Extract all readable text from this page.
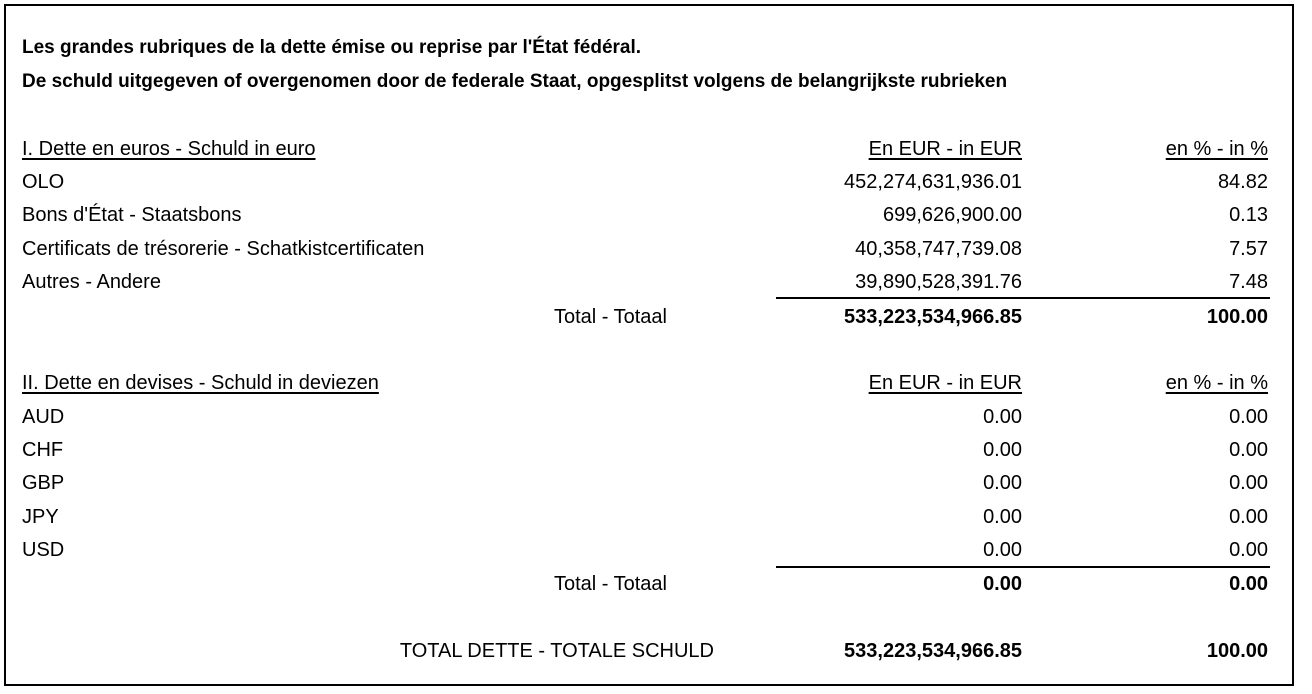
Les grandes rubriques de la dette émise ou reprise par l'État fédéral.
De schuld uitgegeven of overgenomen door de federale Staat, opgesplitst volgens de belangrijkste rubrieken
I. Dette en euros - Schuld in euro	En EUR - in EUR	en % - in %
OLO	452,274,631,936.01	84.82
Bons d'État - Staatsbons	699,626,900.00	0.13
Certificats de trésorerie - Schatkistcertificaten	40,358,747,739.08	7.57
Autres - Andere	39,890,528,391.76	7.48
Total - Totaal	533,223,534,966.85	100.00
II. Dette en devises - Schuld in deviezen	En EUR - in EUR	en % - in %
AUD	0.00	0.00
CHF	0.00	0.00
GBP	0.00	0.00
JPY	0.00	0.00
USD	0.00	0.00
Total - Totaal	0.00	0.00
TOTAL DETTE - TOTALE SCHULD	533,223,534,966.85	100.00
